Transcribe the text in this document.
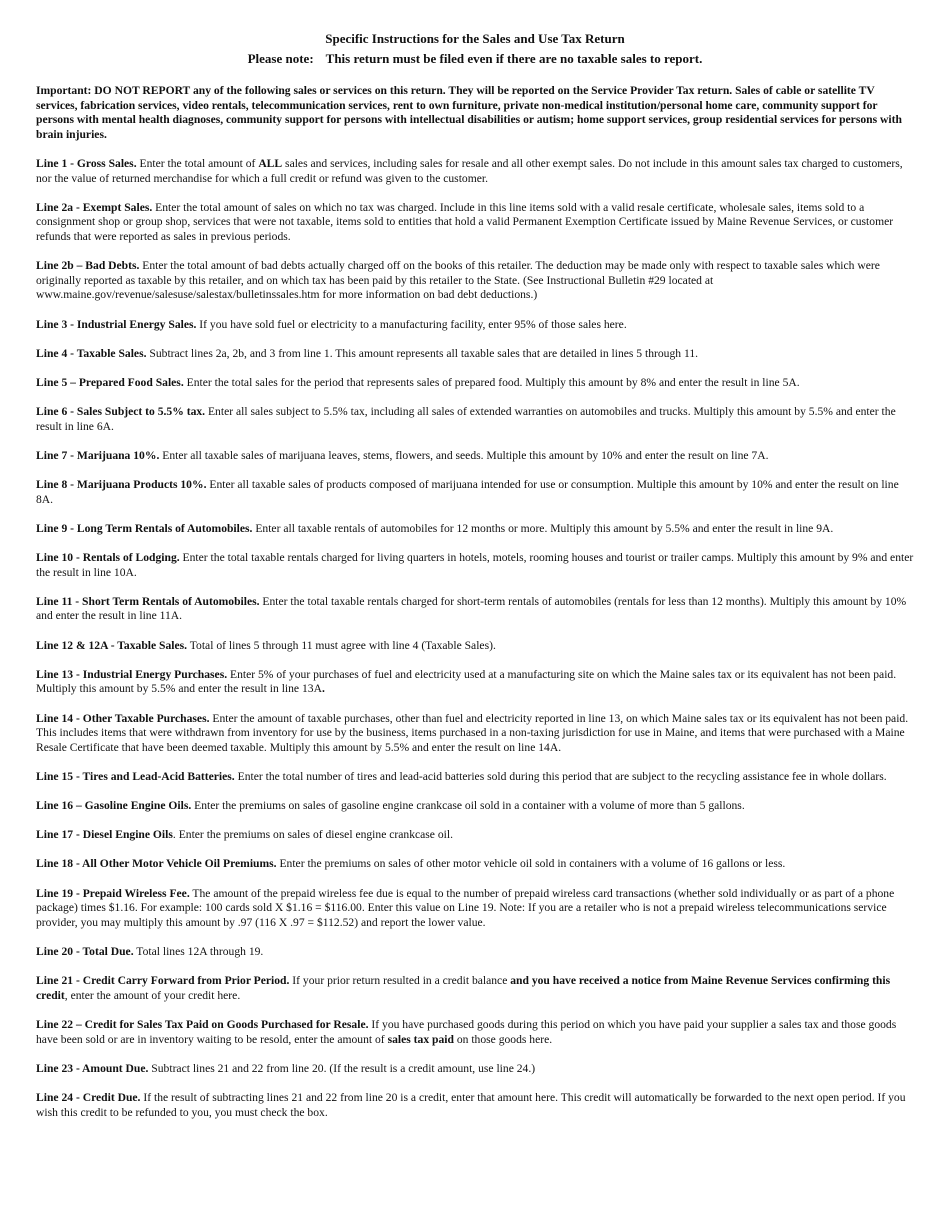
Specific Instructions for the Sales and Use Tax Return

Please note: This return must be filed even if there are no taxable sales to report.

Important: DO NOT REPORT any of the following sales or services on this return. They will be reported on the Service Provider Tax return. Sales of cable or satellite TV services, fabrication services, video rentals, telecommunication services, rent to own furniture, private non-medical institution/personal home care, community support for persons with mental health diagnoses, community support for persons with intellectual disabilities or autism; home support services, group residential services for persons with brain injuries.

Line 1 - Gross Sales. Enter the total amount of ALL sales and services, including sales for resale and all other exempt sales. Do not include in this amount sales tax charged to customers, nor the value of returned merchandise for which a full credit or refund was given to the customer.

Line 2a - Exempt Sales. Enter the total amount of sales on which no tax was charged. Include in this line items sold with a valid resale certificate, wholesale sales, items sold to a consignment shop or group shop, services that were not taxable, items sold to entities that hold a valid Permanent Exemption Certificate issued by Maine Revenue Services, or customer refunds that were reported as sales in previous periods.

Line 2b – Bad Debts. Enter the total amount of bad debts actually charged off on the books of this retailer. The deduction may be made only with respect to taxable sales which were originally reported as taxable by this retailer, and on which tax has been paid by this retailer to the State. (See Instructional Bulletin #29 located at www.maine.gov/revenue/salesuse/salestax/bulletinssales.htm for more information on bad debt deductions.)

Line 3 - Industrial Energy Sales. If you have sold fuel or electricity to a manufacturing facility, enter 95% of those sales here.

Line 4 - Taxable Sales. Subtract lines 2a, 2b, and 3 from line 1. This amount represents all taxable sales that are detailed in lines 5 through 11.

Line 5 – Prepared Food Sales. Enter the total sales for the period that represents sales of prepared food. Multiply this amount by 8% and enter the result in line 5A.

Line 6 - Sales Subject to 5.5% tax. Enter all sales subject to 5.5% tax, including all sales of extended warranties on automobiles and trucks. Multiply this amount by 5.5% and enter the result in line 6A.

Line 7 - Marijuana 10%. Enter all taxable sales of marijuana leaves, stems, flowers, and seeds. Multiple this amount by 10% and enter the result on line 7A.

Line 8 - Marijuana Products 10%. Enter all taxable sales of products composed of marijuana intended for use or consumption. Multiple this amount by 10% and enter the result on line 8A.

Line 9 - Long Term Rentals of Automobiles. Enter all taxable rentals of automobiles for 12 months or more. Multiply this amount by 5.5% and enter the result in line 9A.

Line 10 - Rentals of Lodging. Enter the total taxable rentals charged for living quarters in hotels, motels, rooming houses and tourist or trailer camps. Multiply this amount by 9% and enter the result in line 10A.

Line 11 - Short Term Rentals of Automobiles. Enter the total taxable rentals charged for short-term rentals of automobiles (rentals for less than 12 months). Multiply this amount by 10% and enter the result in line 11A.

Line 12 & 12A - Taxable Sales. Total of lines 5 through 11 must agree with line 4 (Taxable Sales).

Line 13 - Industrial Energy Purchases. Enter 5% of your purchases of fuel and electricity used at a manufacturing site on which the Maine sales tax or its equivalent has not been paid. Multiply this amount by 5.5% and enter the result in line 13A.

Line 14 - Other Taxable Purchases. Enter the amount of taxable purchases, other than fuel and electricity reported in line 13, on which Maine sales tax or its equivalent has not been paid. This includes items that were withdrawn from inventory for use by the business, items purchased in a non-taxing jurisdiction for use in Maine, and items that were purchased with a Maine Resale Certificate that have been deemed taxable. Multiply this amount by 5.5% and enter the result on line 14A.

Line 15 - Tires and Lead-Acid Batteries. Enter the total number of tires and lead-acid batteries sold during this period that are subject to the recycling assistance fee in whole dollars.

Line 16 – Gasoline Engine Oils. Enter the premiums on sales of gasoline engine crankcase oil sold in a container with a volume of more than 5 gallons.

Line 17 - Diesel Engine Oils. Enter the premiums on sales of diesel engine crankcase oil.

Line 18 - All Other Motor Vehicle Oil Premiums. Enter the premiums on sales of other motor vehicle oil sold in containers with a volume of 16 gallons or less.

Line 19 - Prepaid Wireless Fee. The amount of the prepaid wireless fee due is equal to the number of prepaid wireless card transactions (whether sold individually or as part of a phone package) times $1.16. For example: 100 cards sold X $1.16 = $116.00. Enter this value on Line 19. Note: If you are a retailer who is not a prepaid wireless telecommunications service provider, you may multiply this amount by .97 (116 X .97 = $112.52) and report the lower value.

Line 20 - Total Due. Total lines 12A through 19.

Line 21 - Credit Carry Forward from Prior Period. If your prior return resulted in a credit balance and you have received a notice from Maine Revenue Services confirming this credit, enter the amount of your credit here.

Line 22 – Credit for Sales Tax Paid on Goods Purchased for Resale. If you have purchased goods during this period on which you have paid your supplier a sales tax and those goods have been sold or are in inventory waiting to be resold, enter the amount of sales tax paid on those goods here.

Line 23 - Amount Due. Subtract lines 21 and 22 from line 20. (If the result is a credit amount, use line 24.)

Line 24 - Credit Due. If the result of subtracting lines 21 and 22 from line 20 is a credit, enter that amount here. This credit will automatically be forwarded to the next open period. If you wish this credit to be refunded to you, you must check the box.
